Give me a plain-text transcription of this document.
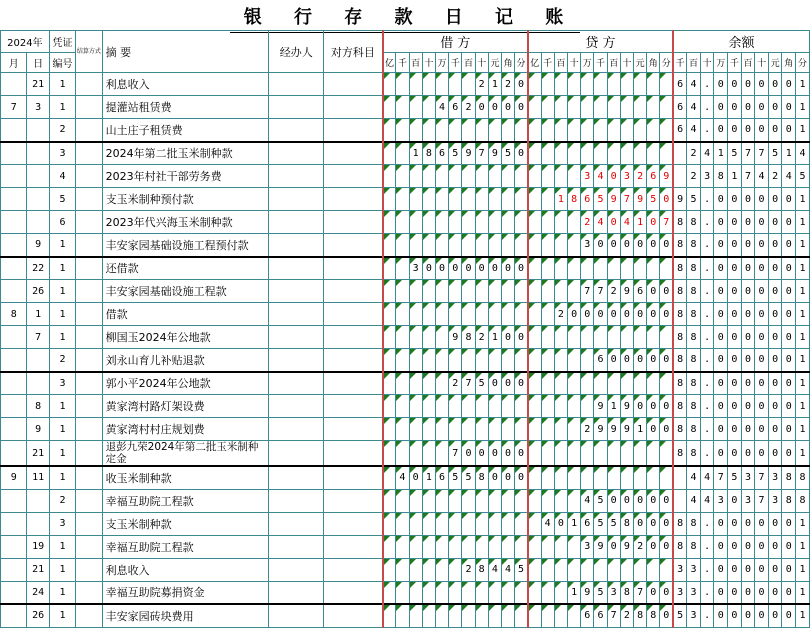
银 行 存 款 日 记 账
2024年		凭证	结算方式	摘 要	经办人	对方科目	借 方											贷 方											余额									
月	日	编号					亿	千	百	十	万	千	百	十	元	角	分	亿	千	百	十	万	千	百	十	元	角	分	千	百	十	万	千	百	十	元	角	分
	21	1		利息收入										2	1	2	0												6	4	.	0	0	0	0	0	0	1
7	3	1		提灌站租赁费							4	6	2	0	0	0	0												6	4	.	0	0	0	0	0	0	1
		2		山土庄子租赁费																									6	4	.	0	0	0	0	0	0	1
		3		2024年第二批玉米制种款					1	8	6	5	9	7	9	5	0													2	4	1	5	7	7	5	1	4
		4		2023年村社干部劳务费																		3	4	0	3	2	6	9		2	3	8	1	7	4	2	4	5
		5		支玉米制种预付款																1	8	6	5	9	7	9	5	0	9	5	.	0	0	0	0	0	0	1
		6		2023年代兴海玉米制种款																		2	4	0	4	1	0	7	8	8	.	0	0	0	0	0	0	1
	9	1		丰安家园基础设施工程预付款																		3	0	0	0	0	0	0	8	8	.	0	0	0	0	0	0	1
	22	1		还借款					3	0	0	0	0	0	0	0	0												8	8	.	0	0	0	0	0	0	1
	26	1		丰安家园基础设施工程款																		7	7	2	9	6	0	0	8	8	.	0	0	0	0	0	0	1
8	1	1		借款																2	0	0	0	0	0	0	0	0	8	8	.	0	0	0	0	0	0	1
	7	1		柳国玉2024年公地款								9	8	2	1	0	0												8	8	.	0	0	0	0	0	0	1
		2		刘永山育儿补贴退款																			6	0	0	0	0	0	8	8	.	0	0	0	0	0	0	1
		3		郭小平2024年公地款								2	7	5	0	0	0												8	8	.	0	0	0	0	0	0	1
	8	1		黄家湾村路灯架设费																			9	1	9	0	0	0	8	8	.	0	0	0	0	0	0	1
	9	1		黄家湾村村庄规划费																		2	9	9	9	1	0	0	8	8	.	0	0	0	0	0	0	1
	21	1		退彭九荣2024年第二批玉米制种定金								7	0	0	0	0	0												8	8	.	0	0	0	0	0	0	1
9	11	1		收玉米制种款				4	0	1	6	5	5	8	0	0	0													4	4	7	5	3	7	3	8	8
		2		幸福互助院工程款																		4	5	0	0	0	0	0		4	4	3	0	3	7	3	8	8
		3		支玉米制种款															4	0	1	6	5	5	8	0	0	0	8	8	.	0	0	0	0	0	0	1
	19	1		幸福互助院工程款																		3	9	0	9	2	0	0	8	8	.	0	0	0	0	0	0	1
	21	1		利息收入									2	8	4	4	5												3	3	.	0	0	0	0	0	0	1
	24	1		幸福互助院募捐资金																	1	9	5	3	8	7	0	0	3	3	.	0	0	0	0	0	0	1
	26	1		丰安家园砖块费用																		6	6	7	2	8	8	0	5	3	.	0	0	0	0	0	0	1
